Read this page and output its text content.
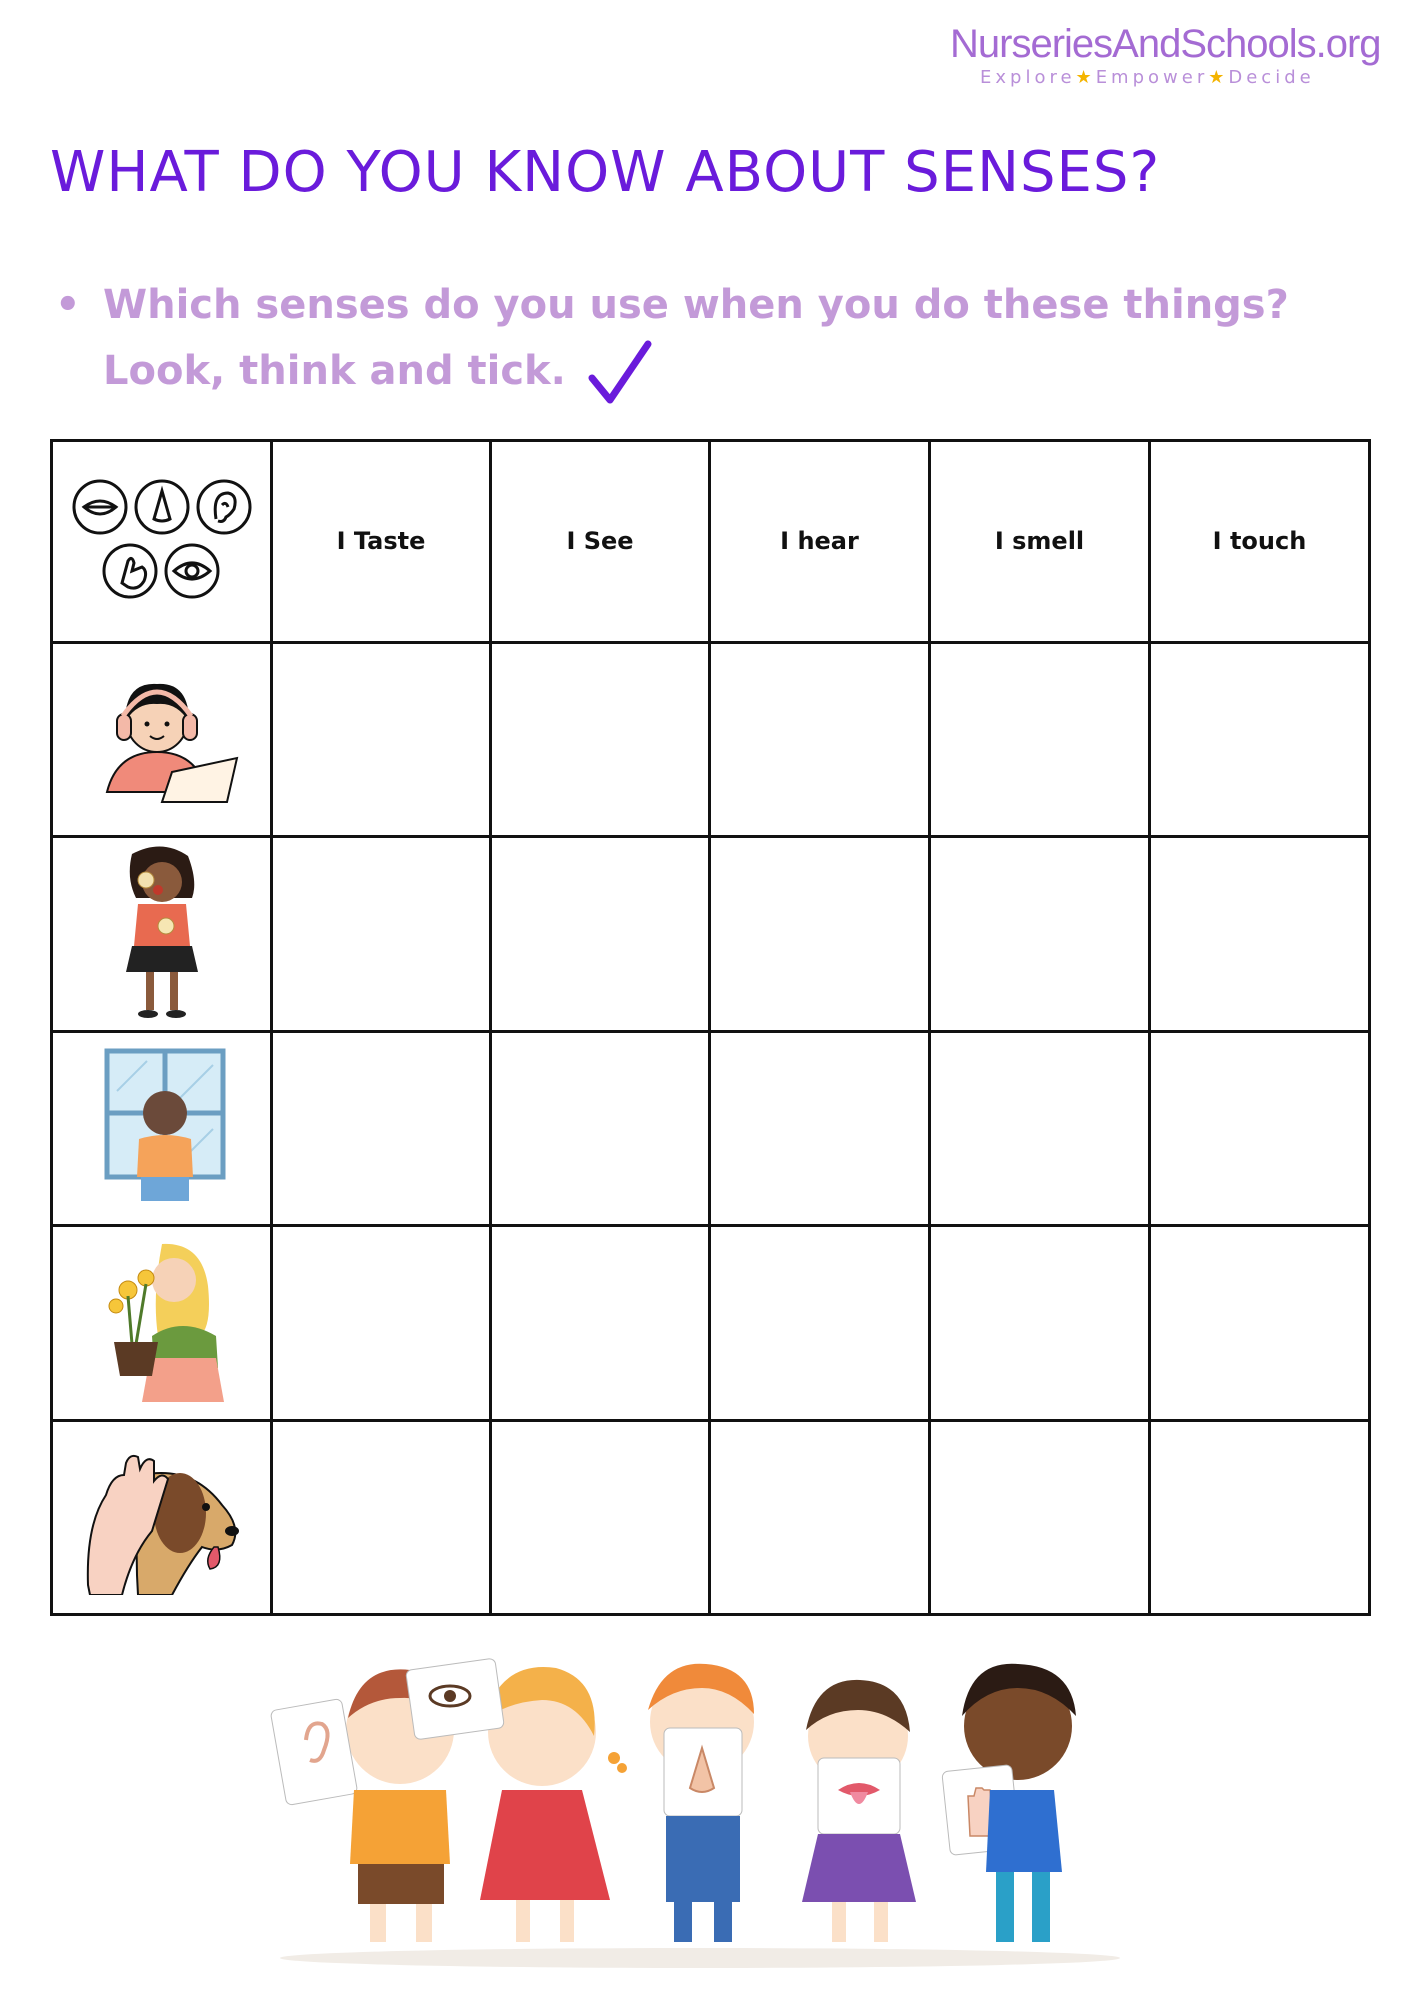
NurseriesAndSchools.org
Explore★Empower★Decide
WHAT DO YOU KNOW ABOUT SENSES?
• Which senses do you use when you do these things? Look, think and tick.
	I Taste	I See	I hear	I smell	I touch
